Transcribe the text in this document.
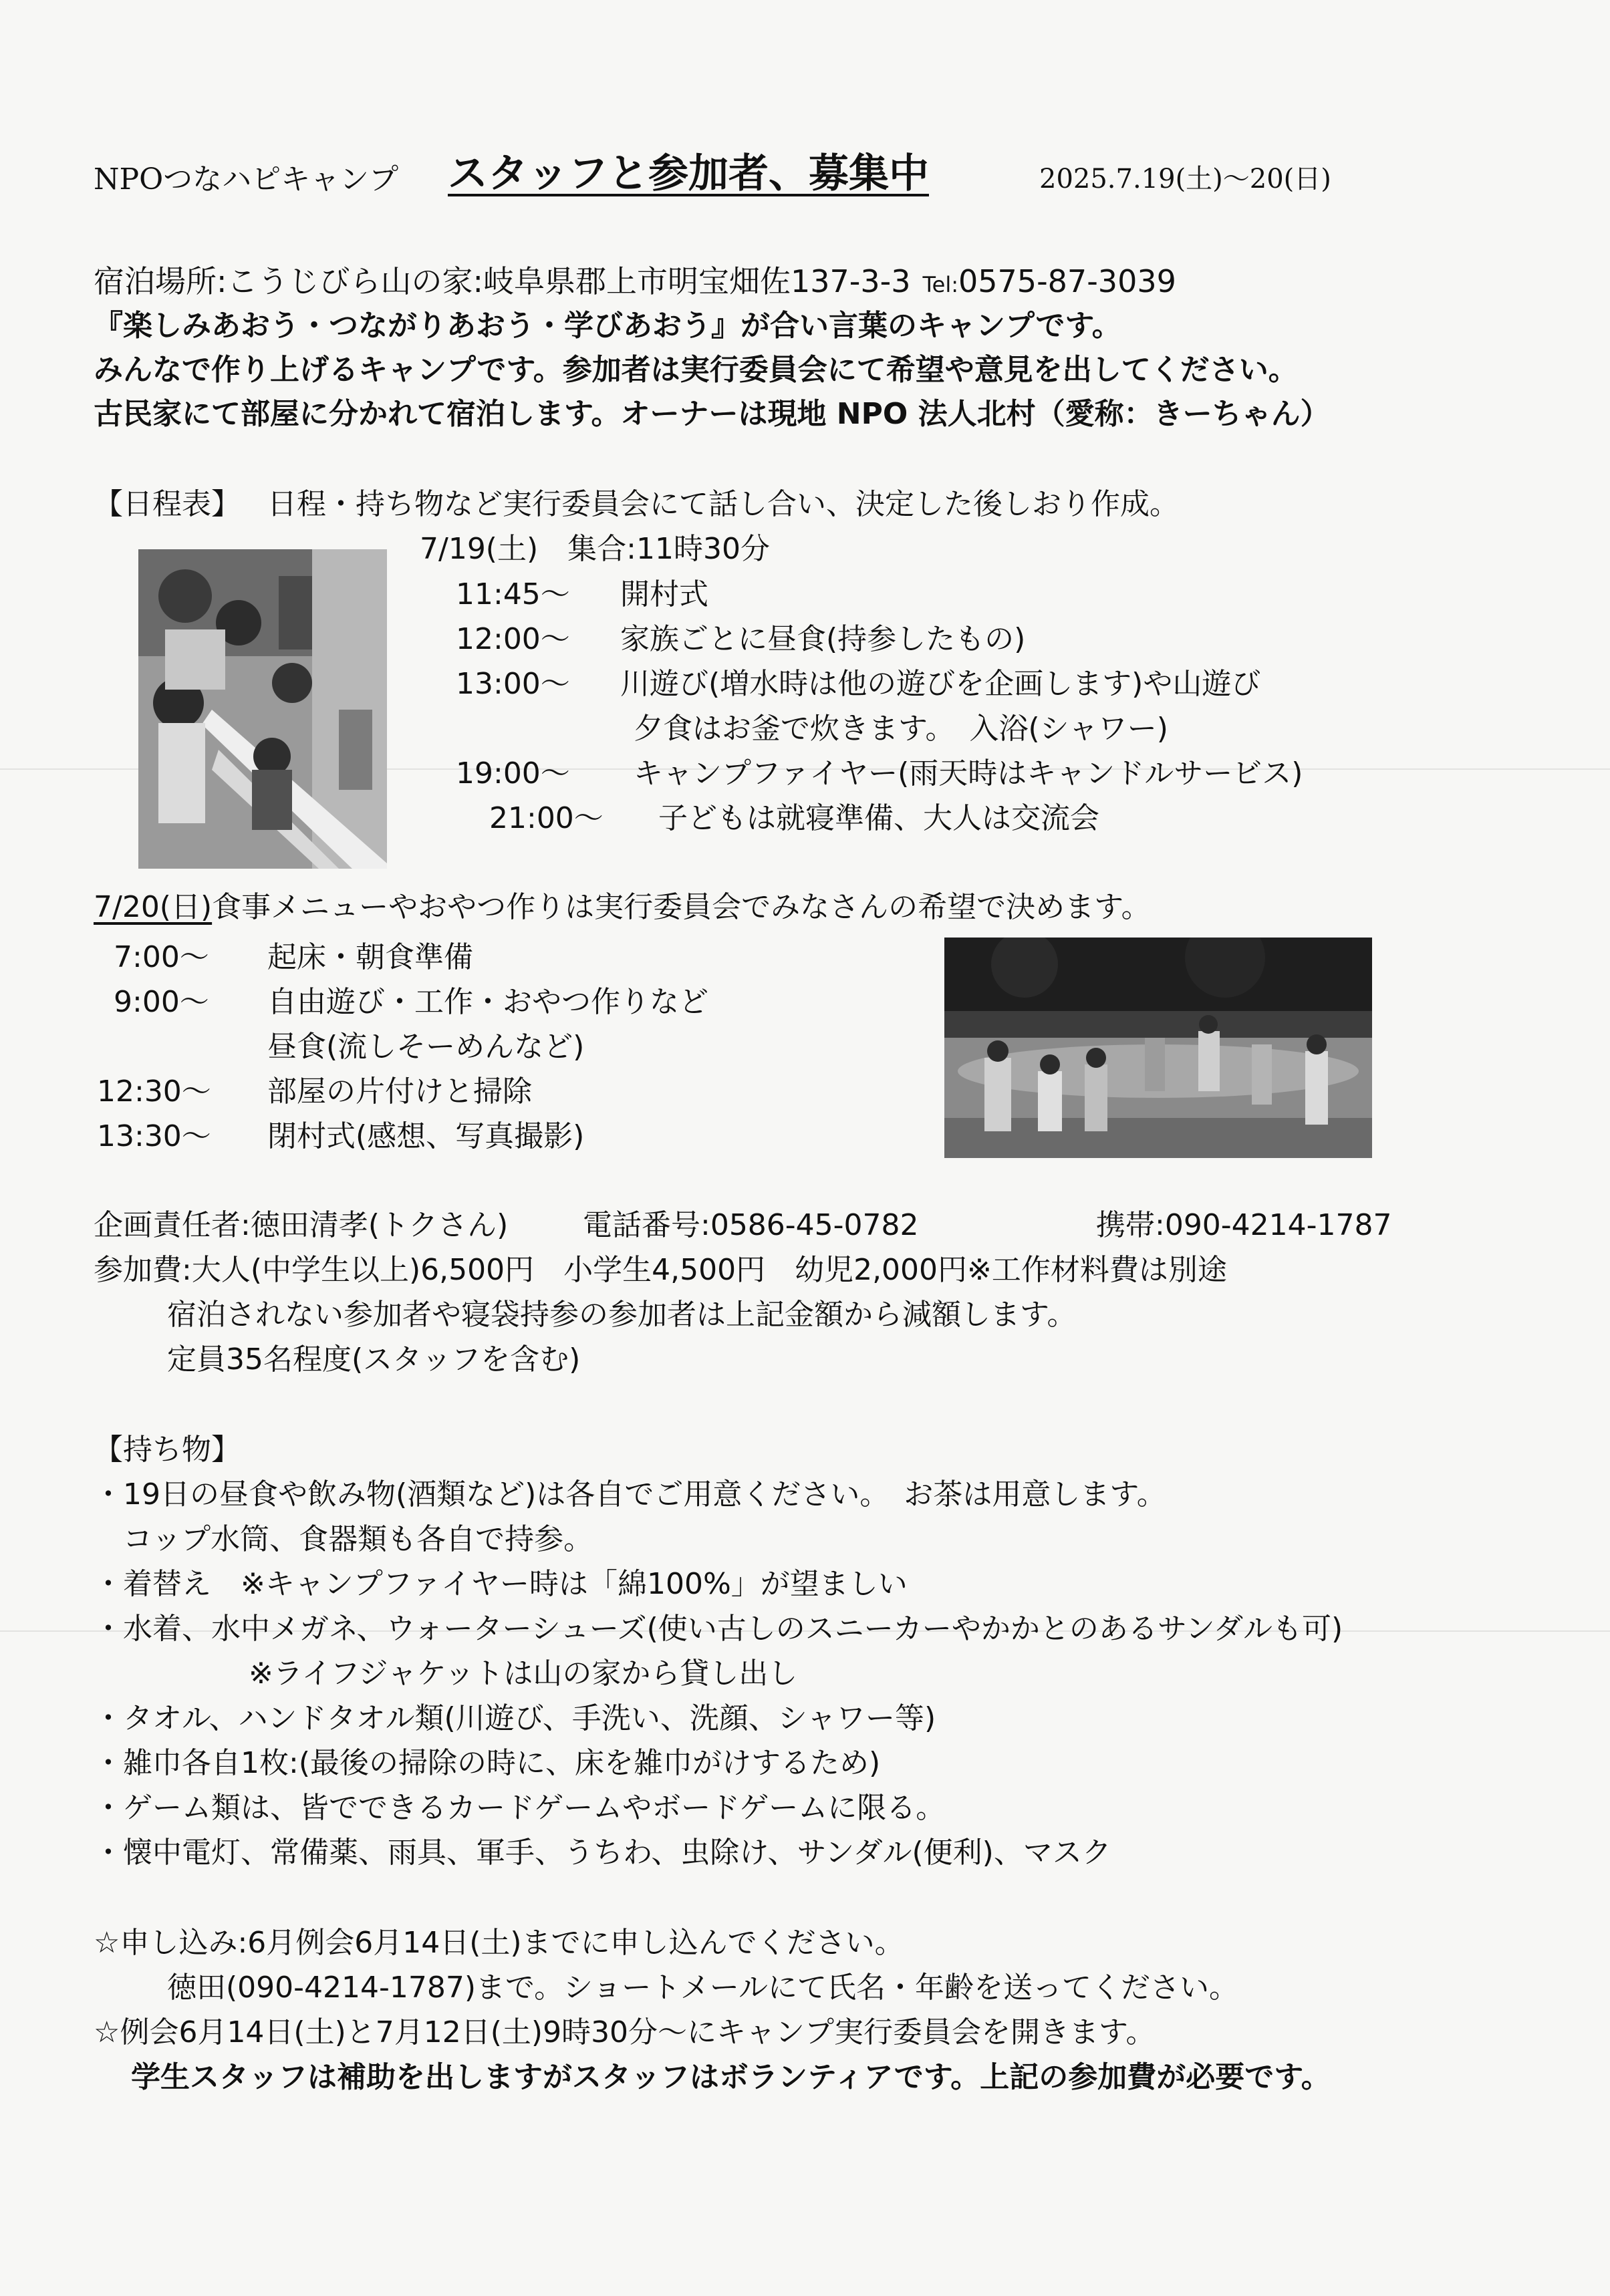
NPOつなハピキャンプ スタッフと参加者、募集中	2025.7.19(土)～20(日)
宿泊場所:こうじびら山の家:岐阜県郡上市明宝畑佐137-3-3 Tel:0575-87-3039
『楽しみあおう・つながりあおう・学びあおう』が合い言葉のキャンプです。
みんなで作り上げるキャンプです。参加者は実行委員会にて希望や意見を出してください。
古民家にて部屋に分かれて宿泊します。オーナーは現地 NPO 法人北村（愛称：きーちゃん）
【日程表】 日程・持ち物など実行委員会にて話し合い、決定した後しおり作成。
7/19(土)　集合:11時30分
11:45～ 開村式
12:00～ 家族ごとに昼食(持参したもの)
13:00～ 川遊び(増水時は他の遊びを企画します)や山遊び
夕食はお釜で炊きます。　入浴(シャワー)
19:00～ キャンプファイヤー(雨天時はキャンドルサービス)
21:00～ 子どもは就寝準備、大人は交流会
7/20(日)食事メニューやおやつ作りは実行委員会でみなさんの希望で決めます。
7:00～ 起床・朝食準備
9:00～ 自由遊び・工作・おやつ作りなど
昼食(流しそーめんなど)
12:30～ 部屋の片付けと掃除
13:30～ 閉村式(感想、写真撮影)
企画責任者:徳田清孝(トクさん)	電話番号:0586-45-0782	携帯:090-4214-1787
参加費:大人(中学生以上)6,500円　小学生4,500円　幼児2,000円※工作材料費は別途
宿泊されない参加者や寝袋持参の参加者は上記金額から減額します。
定員35名程度(スタッフを含む)
【持ち物】
・19日の昼食や飲み物(酒類など)は各自でご用意ください。　お茶は用意します。
　コップ水筒、食器類も各自で持参。
・着替え　※キャンプファイヤー時は「綿100%」が望ましい
・水着、水中メガネ、ウォーターシューズ(使い古しのスニーカーやかかとのあるサンダルも可)
※ライフジャケットは山の家から貸し出し
・タオル、ハンドタオル類(川遊び、手洗い、洗顔、シャワー等)
・雑巾各自1枚:(最後の掃除の時に、床を雑巾がけするため)
・ゲーム類は、皆でできるカードゲームやボードゲームに限る。
・懐中電灯、常備薬、雨具、軍手、うちわ、虫除け、サンダル(便利)、マスク
☆申し込み:6月例会6月14日(土)までに申し込んでください。
徳田(090-4214-1787)まで。ショートメールにて氏名・年齢を送ってください。
☆例会6月14日(土)と7月12日(土)9時30分～にキャンプ実行委員会を開きます。
学生スタッフは補助を出しますがスタッフはボランティアです。上記の参加費が必要です。
